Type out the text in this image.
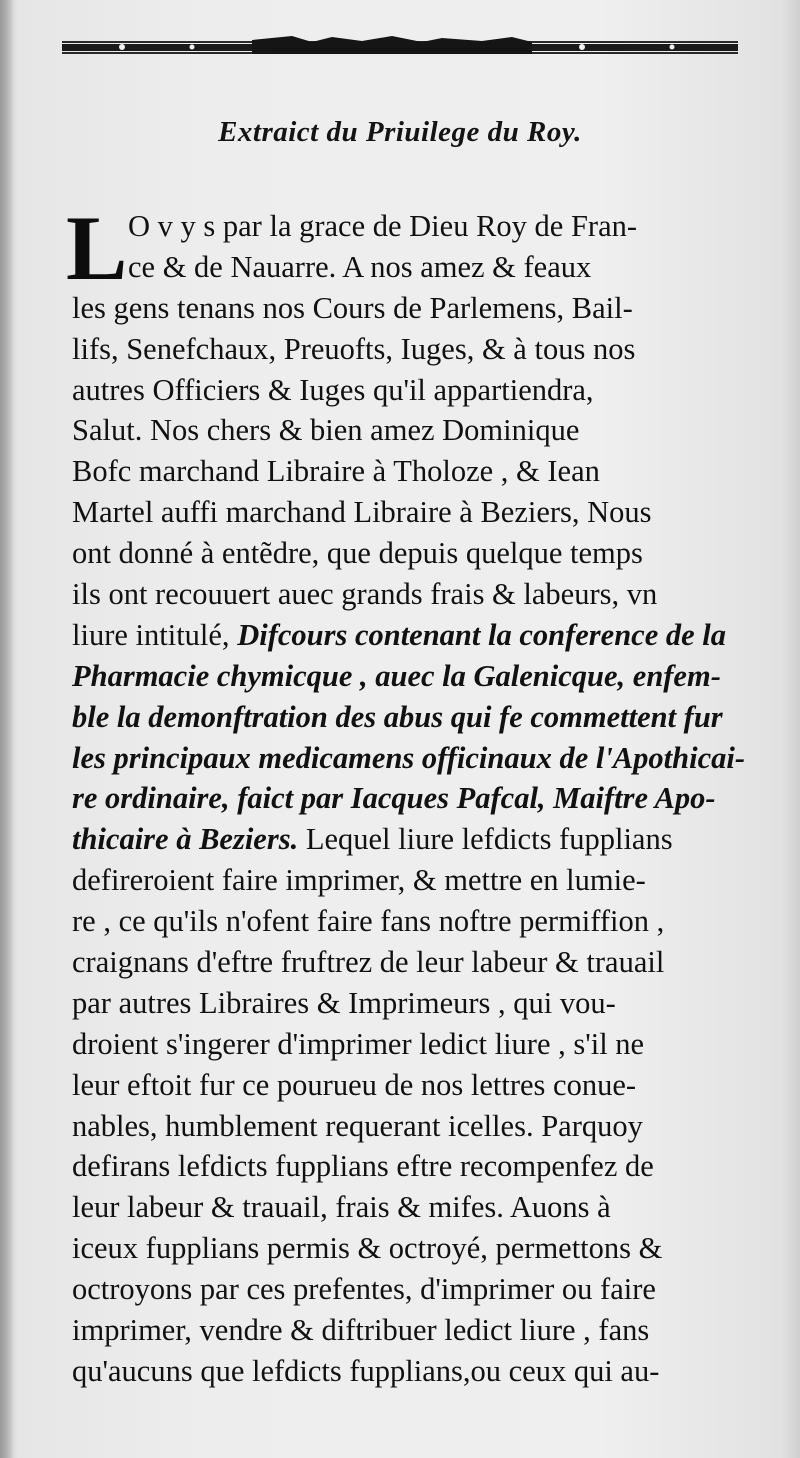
Extraict du Priuilege du Roy.
L O v y s par la grace de Dieu Roy de Fran-
ce & de Nauarre. A nos amez & feaux
les gens tenans nos Cours de Parlemens, Bail-
lifs, Senefchaux, Preuofts, Iuges, & à tous nos
autres Officiers & Iuges qu'il appartiendra,
Salut. Nos chers & bien amez Dominique
Bofc marchand Libraire à Tholoze , & Iean
Martel auffi marchand Libraire à Beziers, Nous
ont donné à entẽdre, que depuis quelque temps
ils ont recouuert auec grands frais & labeurs, vn
liure intitulé, Difcours contenant la conference de la
Pharmacie chymicque , auec la Galenicque, enfem-
ble la demonftration des abus qui fe commettent fur
les principaux medicamens officinaux de l'Apothicai-
re ordinaire, faict par Iacques Pafcal, Maiftre Apo-
thicaire à Beziers. Lequel liure lefdicts fupplians
defireroient faire imprimer, & mettre en lumie-
re , ce qu'ils n'ofent faire fans noftre permiffion ,
craignans d'eftre fruftrez de leur labeur & trauail
par autres Libraires & Imprimeurs , qui vou-
droient s'ingerer d'imprimer ledict liure , s'il ne
leur eftoit fur ce pourueu de nos lettres conue-
nables, humblement requerant icelles. Parquoy
defirans lefdicts fupplians eftre recompenfez de
leur labeur & trauail, frais & mifes. Auons à
iceux fupplians permis & octroyé, permettons &
octroyons par ces prefentes, d'imprimer ou faire
imprimer, vendre & diftribuer ledict liure , fans
qu'aucuns que lefdicts fupplians,ou ceux qui au-
